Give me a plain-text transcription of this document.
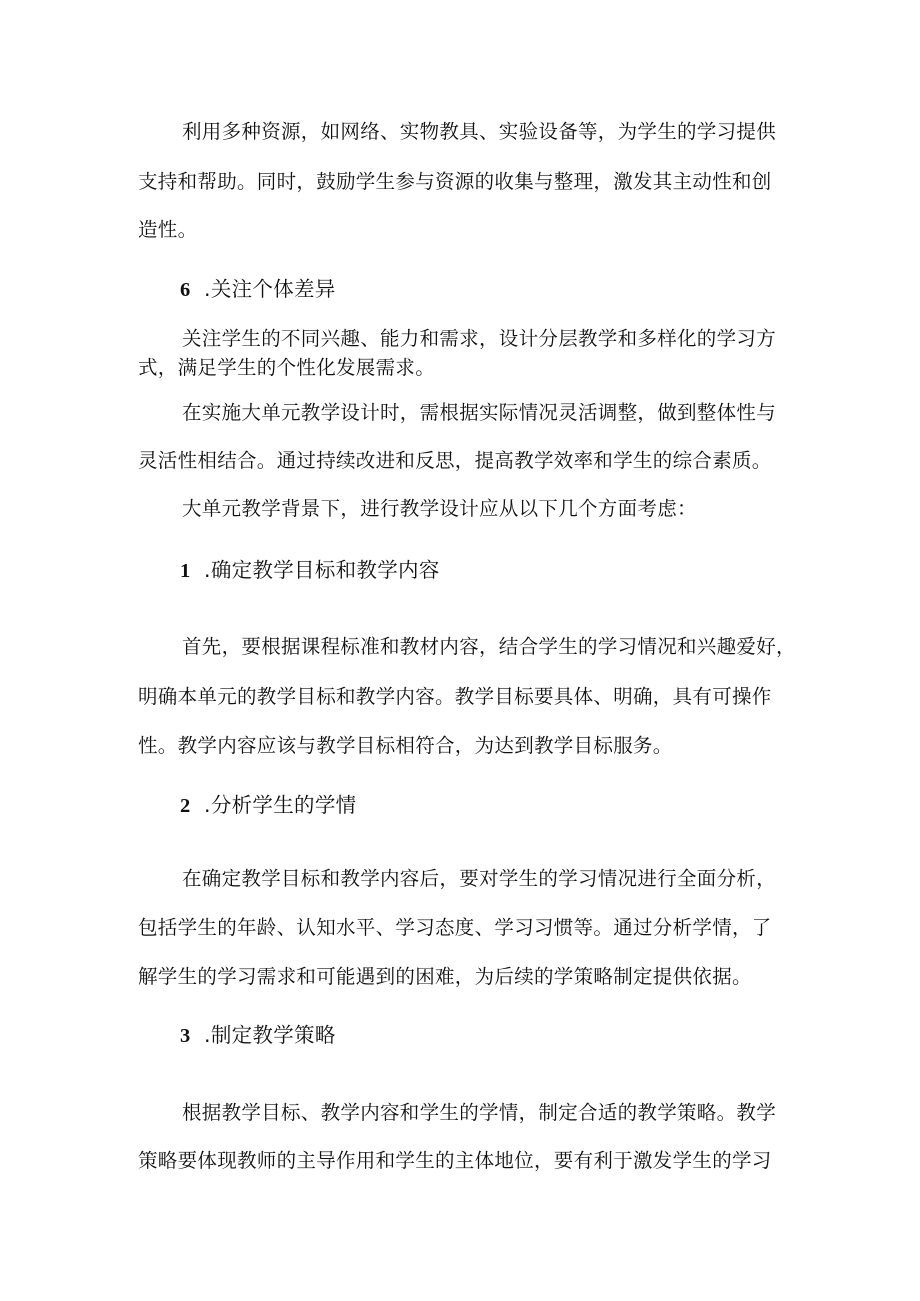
利用多种资源，如网络、实物教具、实验设备等，为学生的学习提供
支持和帮助。同时，鼓励学生参与资源的收集与整理，激发其主动性和创
造性。
6 .关注个体差异
关注学生的不同兴趣、能力和需求，设计分层教学和多样化的学习方
式，满足学生的个性化发展需求。
在实施大单元教学设计时，需根据实际情况灵活调整，做到整体性与
灵活性相结合。通过持续改进和反思，提高教学效率和学生的综合素质。
大单元教学背景下，进行教学设计应从以下几个方面考虑：
1 .确定教学目标和教学内容
首先，要根据课程标准和教材内容，结合学生的学习情况和兴趣爱好，
明确本单元的教学目标和教学内容。教学目标要具体、明确，具有可操作
性。教学内容应该与教学目标相符合，为达到教学目标服务。
2 .分析学生的学情
在确定教学目标和教学内容后，要对学生的学习情况进行全面分析，
包括学生的年龄、认知水平、学习态度、学习习惯等。通过分析学情，了
解学生的学习需求和可能遇到的困难，为后续的学策略制定提供依据。
3 .制定教学策略
根据教学目标、教学内容和学生的学情，制定合适的教学策略。教学
策略要体现教师的主导作用和学生的主体地位，要有利于激发学生的学习
